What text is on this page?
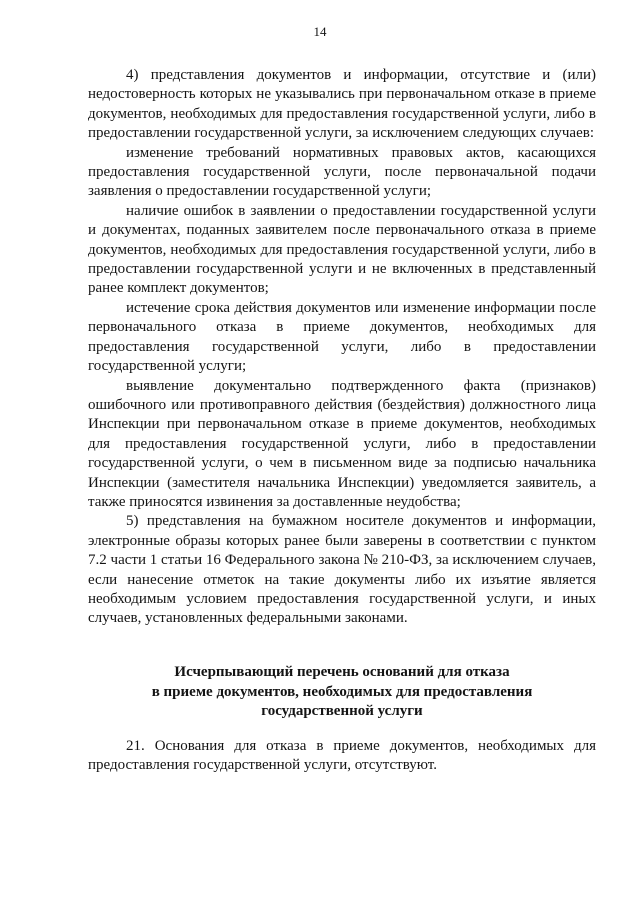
14

4) представления документов и информации, отсутствие и (или) недостоверность которых не указывались при первоначальном отказе в приеме документов, необходимых для предоставления государственной услуги, либо в предоставлении государственной услуги, за исключением следующих случаев:

изменение требований нормативных правовых актов, касающихся предоставления государственной услуги, после первоначальной подачи заявления о предоставлении государственной услуги;

наличие ошибок в заявлении о предоставлении государственной услуги и документах, поданных заявителем после первоначального отказа в приеме документов, необходимых для предоставления государственной услуги, либо в предоставлении государственной услуги и не включенных в представленный ранее комплект документов;

истечение срока действия документов или изменение информации после первоначального отказа в приеме документов, необходимых для предоставления государственной услуги, либо в предоставлении государственной услуги;

выявление документально подтвержденного факта (признаков) ошибочного или противоправного действия (бездействия) должностного лица Инспекции при первоначальном отказе в приеме документов, необходимых для предоставления государственной услуги, либо в предоставлении государственной услуги, о чем в письменном виде за подписью начальника Инспекции (заместителя начальника Инспекции) уведомляется заявитель, а также приносятся извинения за доставленные неудобства;

5) представления на бумажном носителе документов и информации, электронные образы которых ранее были заверены в соответствии с пунктом 7.2 части 1 статьи 16 Федерального закона № 210-ФЗ, за исключением случаев, если нанесение отметок на такие документы либо их изъятие является необходимым условием предоставления государственной услуги, и иных случаев, установленных федеральными законами.

Исчерпывающий перечень оснований для отказа
в приеме документов, необходимых для предоставления
государственной услуги

21. Основания для отказа в приеме документов, необходимых для предоставления государственной услуги, отсутствуют.
